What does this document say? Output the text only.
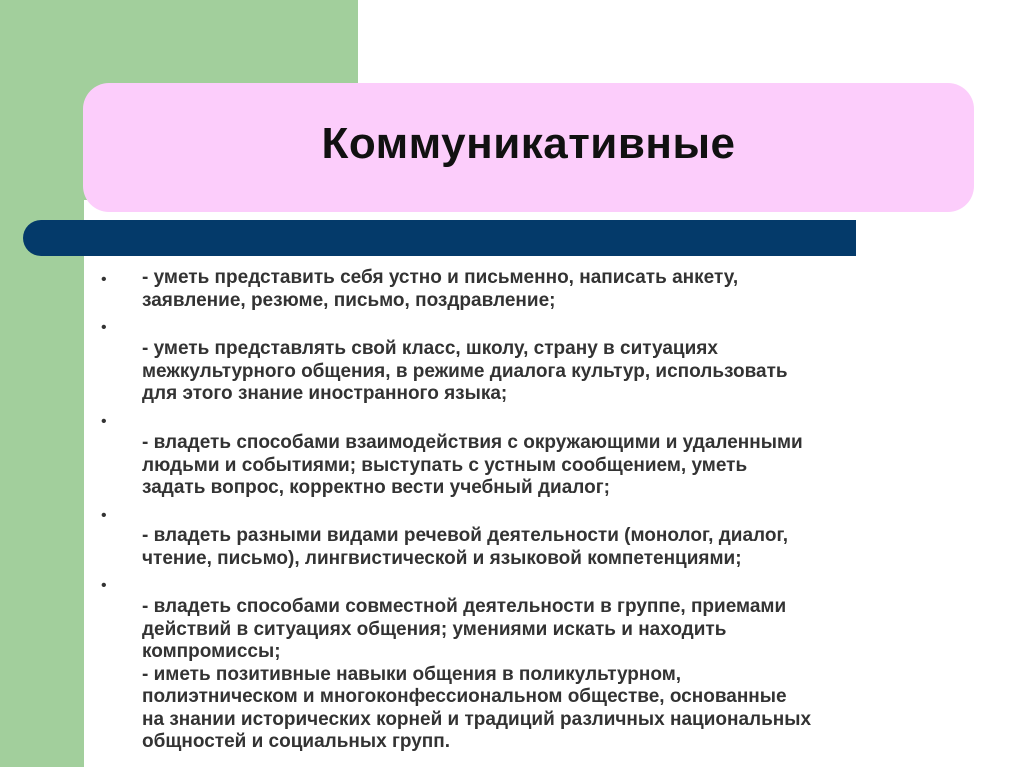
Коммуникативные
• - уметь представить себя устно и письменно, написать анкету,
заявление, резюме, письмо, поздравление;

•

- уметь представлять свой класс, школу, страну в ситуациях
межкультурного общения, в режиме диалога культур, использовать
для этого знание иностранного языка;

•

- владеть способами взаимодействия с окружающими и удаленными
людьми и событиями; выступать с устным сообщением, уметь
задать вопрос, корректно вести учебный диалог;

•

- владеть разными видами речевой деятельности (монолог, диалог,
чтение, письмо), лингвистической и языковой компетенциями;

•

- владеть способами совместной деятельности в группе, приемами
действий в ситуациях общения; умениями искать и находить
компромиссы;
- иметь позитивные навыки общения в поликультурном,
полиэтническом и многоконфессиональном обществе, основанные
на знании исторических корней и традиций различных национальных
общностей и социальных групп.
